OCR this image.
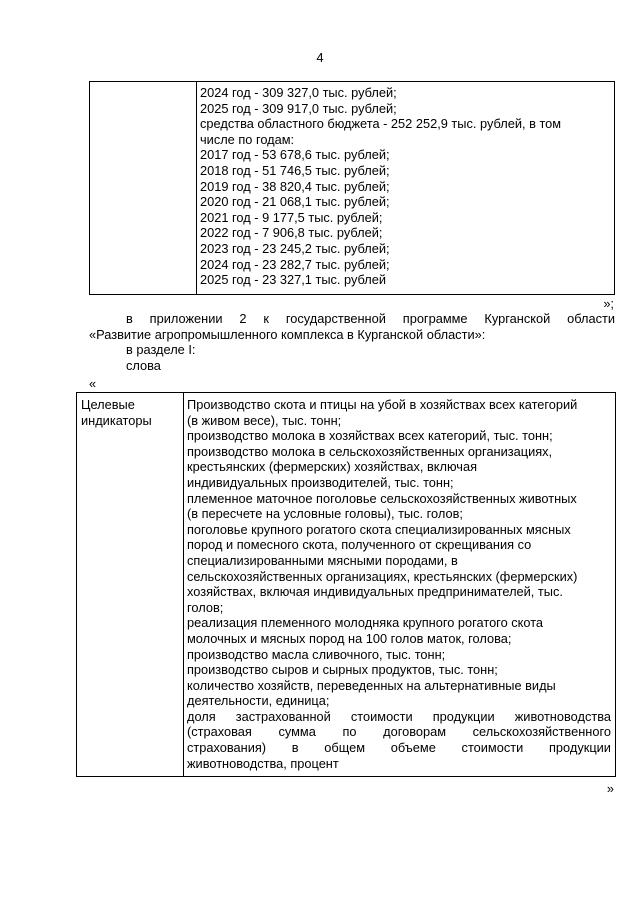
4
2024 год - 309 327,0 тыс. рублей;
2025 год - 309 917,0 тыс. рублей;
средства областного бюджета - 252 252,9 тыс. рублей, в том
числе по годам:
2017 год - 53 678,6 тыс. рублей;
2018 год - 51 746,5 тыс. рублей;
2019 год - 38 820,4 тыс. рублей;
2020 год - 21 068,1 тыс. рублей;
2021 год - 9 177,5 тыс. рублей;
2022 год - 7 906,8 тыс. рублей;
2023 год - 23 245,2 тыс. рублей;
2024 год - 23 282,7 тыс. рублей;
2025 год - 23 327,1 тыс. рублей
»;
в приложении 2 к государственной программе Курганской области
«Развитие агропромышленного комплекса в Курганской области»:
в разделе I:
слова
«
Целевые
индикаторы
Производство скота и птицы на убой в хозяйствах всех категорий
(в живом весе), тыс. тонн;
производство молока в хозяйствах всех категорий, тыс. тонн;
производство молока в сельскохозяйственных организациях,
крестьянских (фермерских) хозяйствах, включая
индивидуальных производителей, тыс. тонн;
племенное маточное поголовье сельскохозяйственных животных
(в пересчете на условные головы), тыс. голов;
поголовье крупного рогатого скота специализированных мясных
пород и помесного скота, полученного от скрещивания со
специализированными мясными породами, в
сельскохозяйственных организациях, крестьянских (фермерских)
хозяйствах, включая индивидуальных предпринимателей, тыс.
голов;
реализация племенного молодняка крупного рогатого скота
молочных и мясных пород на 100 голов маток, голова;
производство масла сливочного, тыс. тонн;
производство сыров и сырных продуктов, тыс. тонн;
количество хозяйств, переведенных на альтернативные виды
деятельности, единица;
доля застрахованной стоимости продукции животноводства
(страховая сумма по договорам сельскохозяйственного
страхования) в общем объеме стоимости продукции
животноводства, процент
»
